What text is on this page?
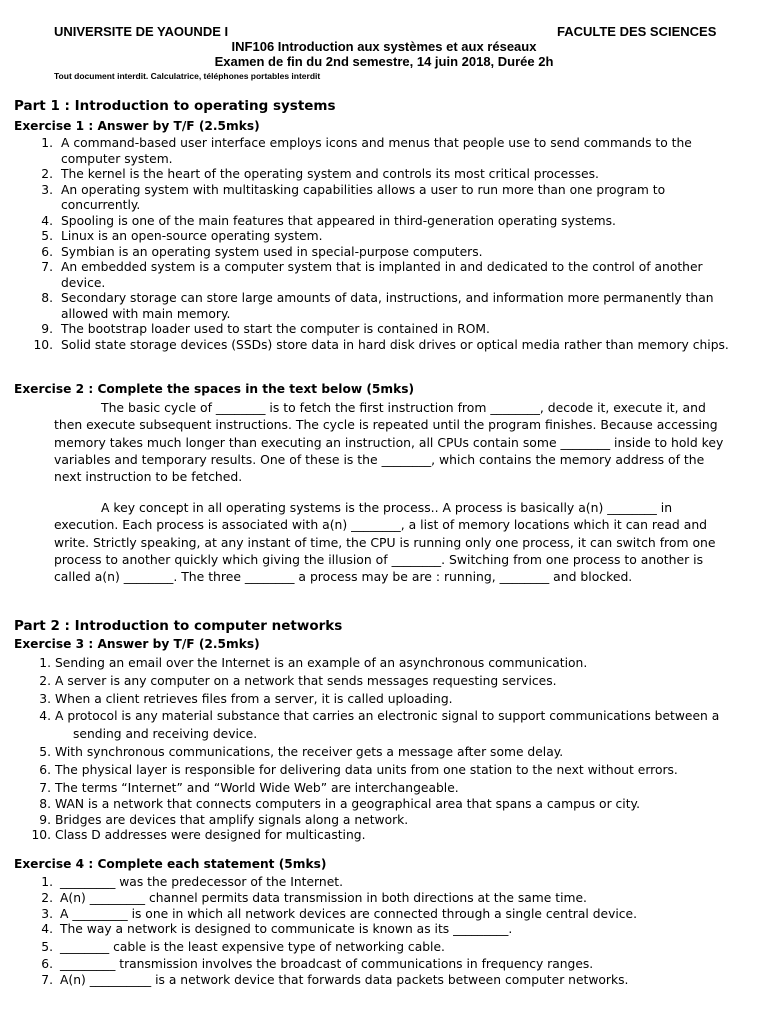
UNIVERSITE DE YAOUNDE I	FACULTE DES SCIENCES
INF106 Introduction aux systèmes et aux réseaux
Examen de fin du 2nd semestre, 14 juin 2018, Durée 2h
Tout document interdit. Calculatrice, téléphones portables interdit
Part 1 : Introduction to operating systems
Exercise 1 : Answer by T/F (2.5mks)
1. A command-based user interface employs icons and menus that people use to send commands to the computer system.
2. The kernel is the heart of the operating system and controls its most critical processes.
3. An operating system with multitasking capabilities allows a user to run more than one program to concurrently.
4. Spooling is one of the main features that appeared in third-generation operating systems.
5. Linux is an open-source operating system.
6. Symbian is an operating system used in special-purpose computers.
7. An embedded system is a computer system that is implanted in and dedicated to the control of another device.
8. Secondary storage can store large amounts of data, instructions, and information more permanently than allowed with main memory.
9. The bootstrap loader used to start the computer is contained in ROM.
10. Solid state storage devices (SSDs) store data in hard disk drives or optical media rather than memory chips.
Exercise 2 : Complete the spaces in the text below (5mks)
The basic cycle of ________ is to fetch the first instruction from ________, decode it, execute it, and then execute subsequent instructions. The cycle is repeated until the program finishes. Because accessing memory takes much longer than executing an instruction, all CPUs contain some ________ inside to hold key variables and temporary results. One of these is the ________, which contains the memory address of the next instruction to be fetched.
A key concept in all operating systems is the process.. A process is basically a(n) ________ in execution. Each process is associated with a(n) ________, a list of memory locations which it can read and write. Strictly speaking, at any instant of time, the CPU is running only one process, it can switch from one process to another quickly which giving the illusion of ________. Switching from one process to another is called a(n) ________. The three ________ a process may be are : running, ________ and blocked.
Part 2 : Introduction to computer networks
Exercise 3 : Answer by T/F (2.5mks)
1. Sending an email over the Internet is an example of an asynchronous communication.
2. A server is any computer on a network that sends messages requesting services.
3. When a client retrieves files from a server, it is called uploading.
4. A protocol is any material substance that carries an electronic signal to support communications between a
sending and receiving device.
5. With synchronous communications, the receiver gets a message after some delay.
6. The physical layer is responsible for delivering data units from one station to the next without errors.
7. The terms “Internet” and “World Wide Web” are interchangeable.
8. WAN is a network that connects computers in a geographical area that spans a campus or city.
9. Bridges are devices that amplify signals along a network.
10. Class D addresses were designed for multicasting.
Exercise 4 : Complete each statement (5mks)
1. _________ was the predecessor of the Internet.
2. A(n) _________ channel permits data transmission in both directions at the same time.
3. A _________ is one in which all network devices are connected through a single central device.
4. The way a network is designed to communicate is known as its _________.
5. ________ cable is the least expensive type of networking cable.
6. _________ transmission involves the broadcast of communications in frequency ranges.
7. A(n) __________ is a network device that forwards data packets between computer networks.
